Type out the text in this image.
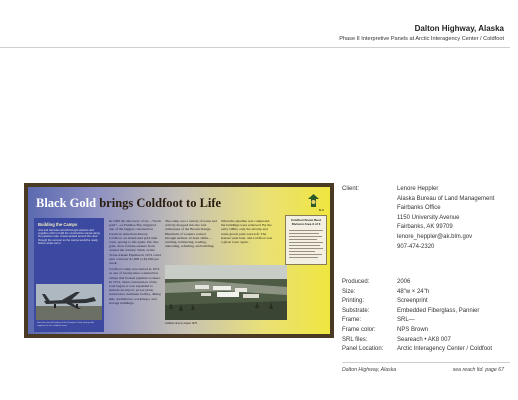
Dalton Highway, Alaska
Phase II Interpretive Panels at Arctic Interagency Center / Coldfoot
Black Gold brings Coldfoot to Life
BLM
Building the Camps
Jets and Hercules aircraft brought workers and supplies north to build the construction camps along the pipeline route. Crews worked around the clock through the summer so the camps would be ready before winter set in.
Hercules aircraft landing at the Prospect Creek airstrip with supplies for the Coldfoot camp.

In 1968 the discovery of oil—"black gold"—at Prudhoe Bay triggered one of the biggest construction booms in American history. Coldfoot, an abandoned gold rush town, sprang to life again. Oil, like gold, drew fortune-seekers from around the country. Work on the Trans-Alaska Pipeline in 1974 could earn a laborer $1,000 to $2,000 per week.

Coldfoot Camp was started in 1974 as one of twenty-nine construction camps that housed pipeline workers. In 1974, when construction of the road began, it was expanded to include an airport, power plant, wastewater treatment facility, dining hall, dormitories, workshops, and storage buildings.

The camp was a variety of noise and activity dropped into the vast wilderness of the Brooks Range. Hundreds of workers rotated through endless 12-hour shifts—welding, bulldozing, loading, unloading, refueling, and building.
When the pipeline was completed, the buildings were removed. By the early 1980s, only the airstrip and some gravel pads were left. The houses went bust, and Coldfoot was a ghost town again.
Coldfoot Boom Bust Division Area 3 of 3
Coldfoot camp in August 1975.
Client:	Lenore Heppler
Alaska Bureau of Land Management
Fairbanks Office
1150 University Avenue
Fairbanks, AK 99709
lenore_heppler@ak.blm.gov
907-474-2320
Produced:	2006
Size:	48"w × 24"h
Printing:	Screenprint
Substrate:	Embedded Fiberglass, Pannier
Frame:	SRL—
Frame color:	NPS Brown
SRL files:	Seareach • AK8 007
Panel Location: Arctic Interagency Center / Coldfoot
Dalton Highway, Alaska	sea reach ltd. page 67
